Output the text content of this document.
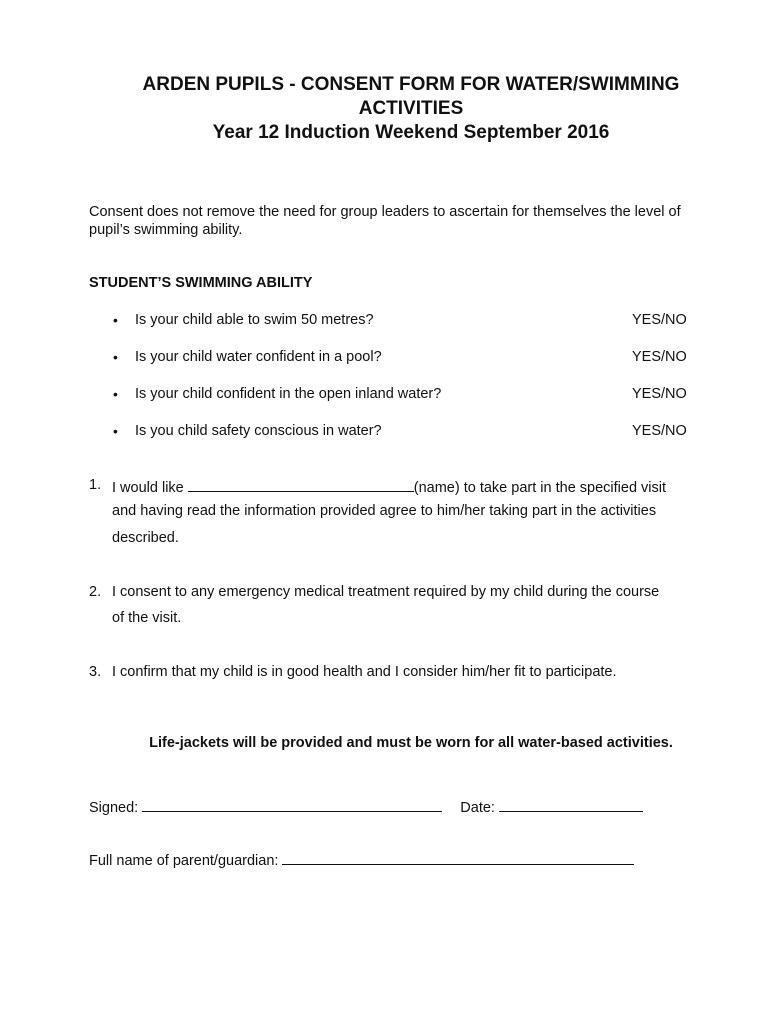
ARDEN PUPILS - CONSENT FORM FOR WATER/SWIMMING
ACTIVITIES
Year 12 Induction Weekend September 2016
Consent does not remove the need for group leaders to ascertain for themselves the level of
pupil’s swimming ability.
STUDENT’S SWIMMING ABILITY
• Is your child able to swim 50 metres?	YES/NO
• Is your child water confident in a pool?	YES/NO
• Is your child confident in the open inland water?	YES/NO
• Is you child safety conscious in water?	YES/NO
1. I would like	(name) to take part in the specified visit
and having read the information provided agree to him/her taking part in the activities
described.
2. I consent to any emergency medical treatment required by my child during the course
of the visit.
3. I confirm that my child is in good health and I consider him/her fit to participate.
Life-jackets will be provided and must be worn for all water-based activities.
Signed:	Date:
Full name of parent/guardian:
